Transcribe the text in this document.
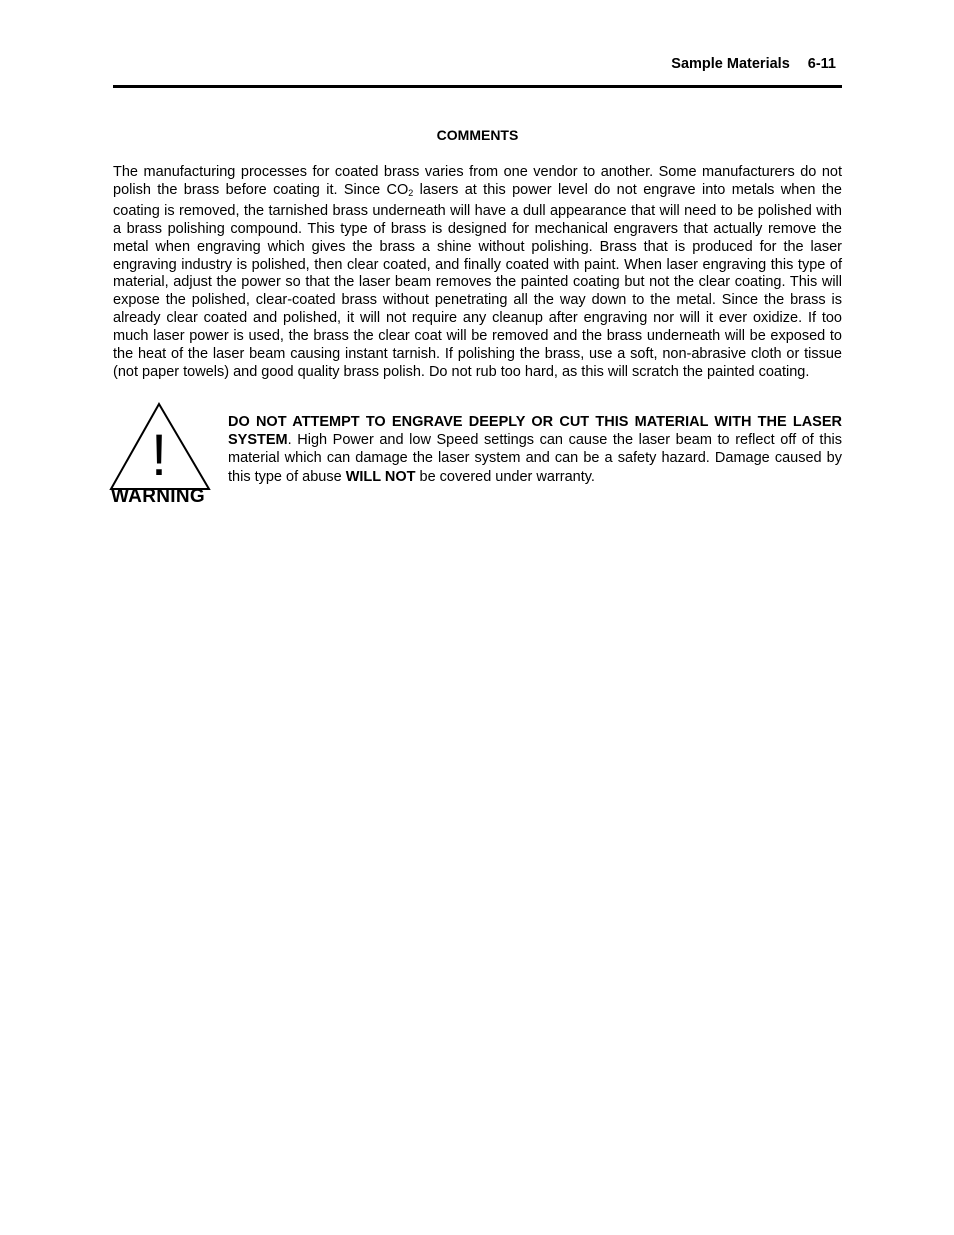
Sample Materials 6-11
COMMENTS
The manufacturing processes for coated brass varies from one vendor to another. Some manufacturers do not polish the brass before coating it. Since $CO_2$ lasers at this power level do not engrave into metals when the coating is removed, the tarnished brass underneath will have a dull appearance that will need to be polished with a brass polishing compound. This type of brass is designed for mechanical engravers that actually remove the metal when engraving which gives the brass a shine without polishing. Brass that is produced for the laser engraving industry is polished, then clear coated, and finally coated with paint. When laser engraving this type of material, adjust the power so that the laser beam removes the painted coating but not the clear coating. This will expose the polished, clear-coated brass without penetrating all the way down to the metal. Since the brass is already clear coated and polished, it will not require any cleanup after engraving nor will it ever oxidize. If too much laser power is used, the brass the clear coat will be removed and the brass underneath will be exposed to the heat of the laser beam causing instant tarnish. If polishing the brass, use a soft, non-abrasive cloth or tissue (not paper towels) and good quality brass polish. Do not rub too hard, as this will scratch the painted coating.
!
WARNING
DO NOT ATTEMPT TO ENGRAVE DEEPLY OR CUT THIS MATERIAL WITH THE LASER SYSTEM. High Power and low Speed settings can cause the laser beam to reflect off of this material which can damage the laser system and can be a safety hazard. Damage caused by this type of abuse WILL NOT be covered under warranty.
